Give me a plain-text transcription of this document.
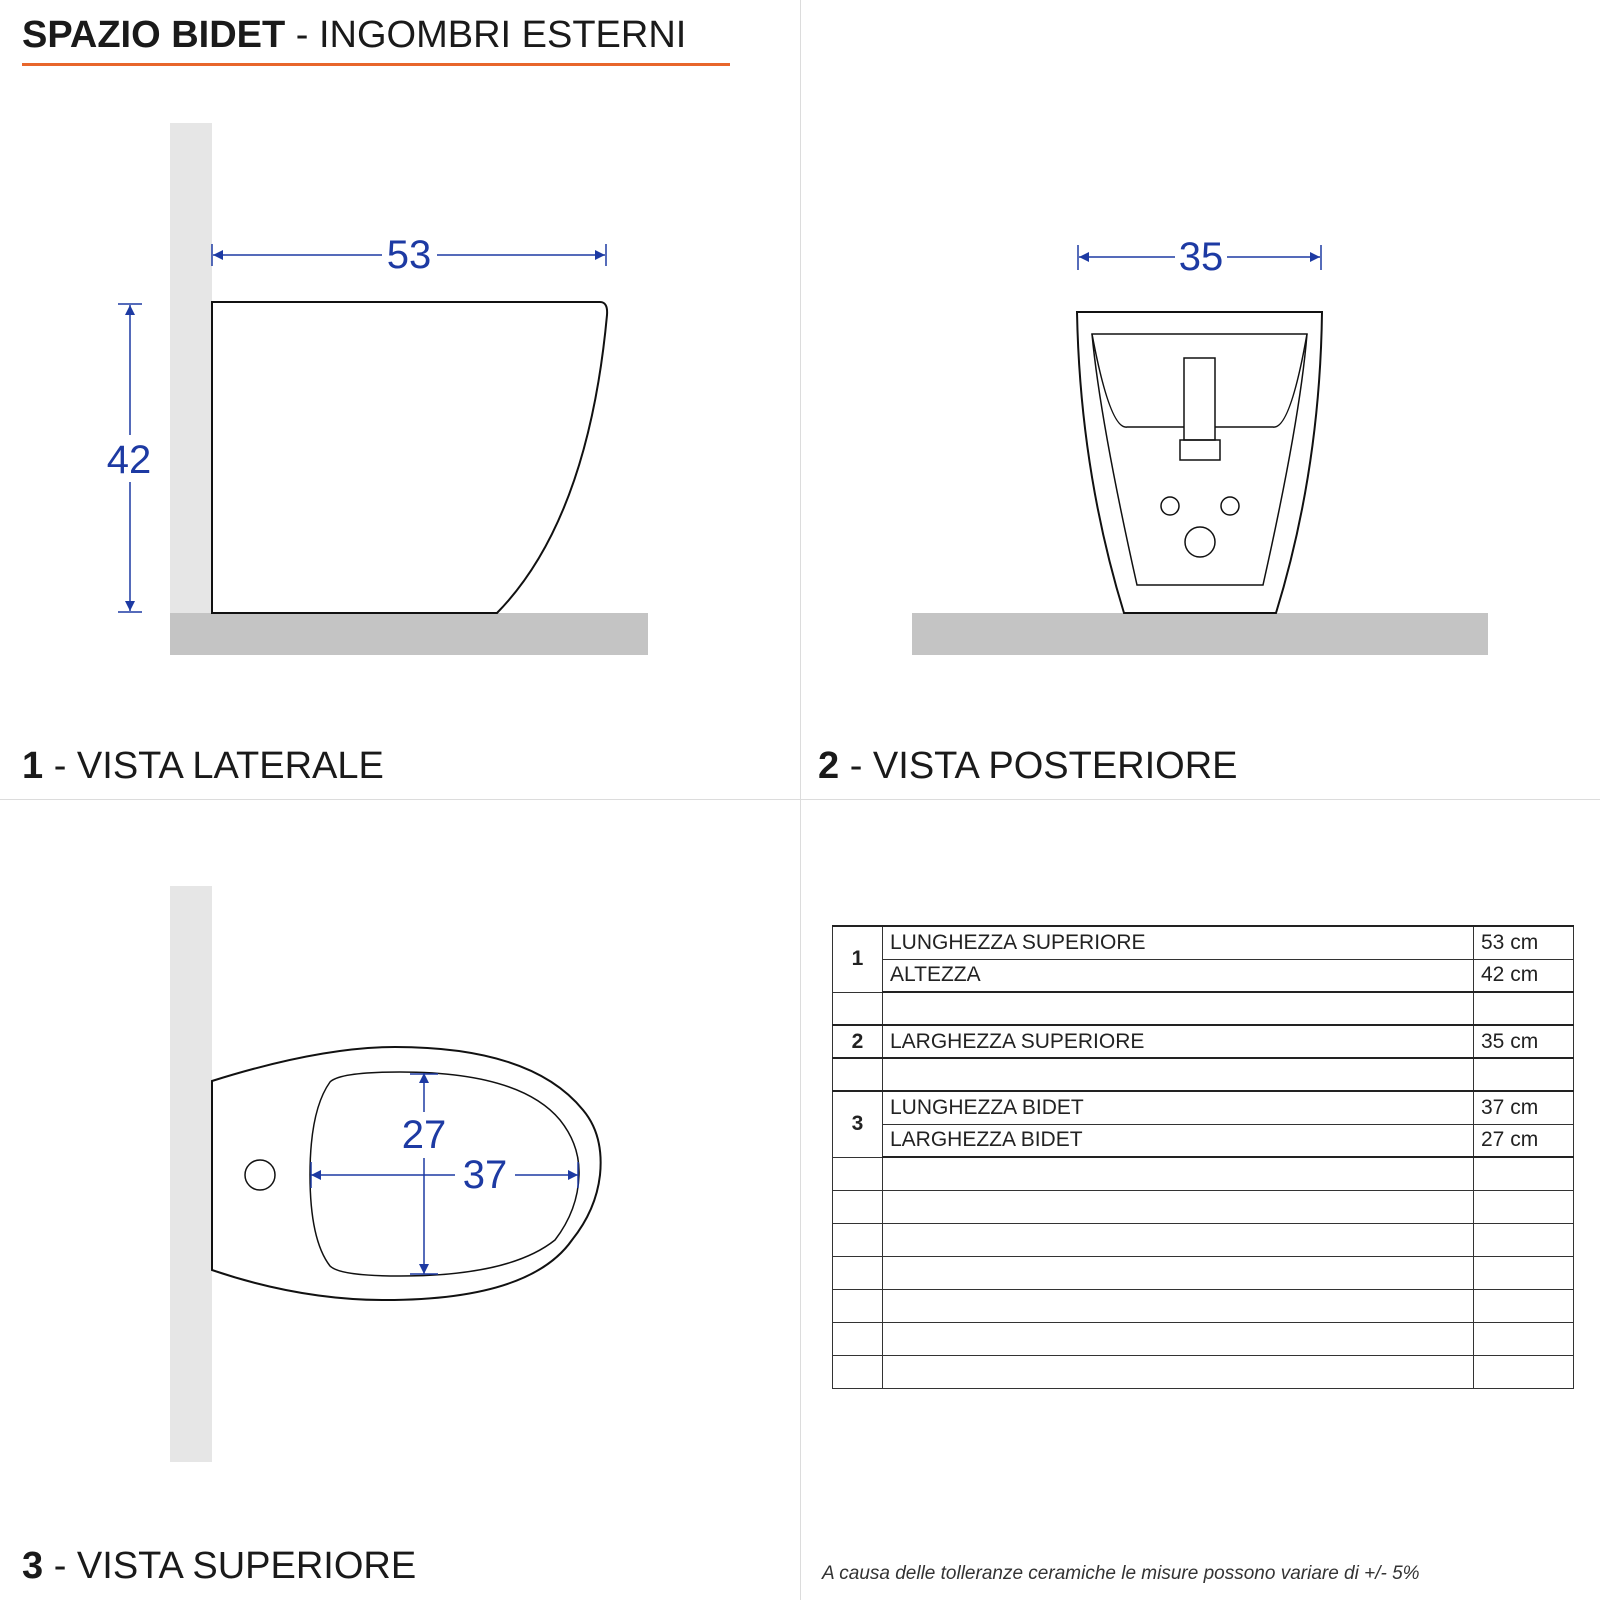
SPAZIO BIDET - INGOMBRI ESTERNI
53
42
35
27
37
1 - VISTA LATERALE	2 - VISTA POSTERIORE
3 - VISTA SUPERIORE
1	LUNGHEZZA SUPERIORE	53 cm
	ALTEZZA	42 cm

2	LARGHEZZA SUPERIORE	35 cm

3	LUNGHEZZA BIDET	37 cm
	LARGHEZZA BIDET	27 cm

A causa delle tolleranze ceramiche le misure possono variare di +/- 5%
